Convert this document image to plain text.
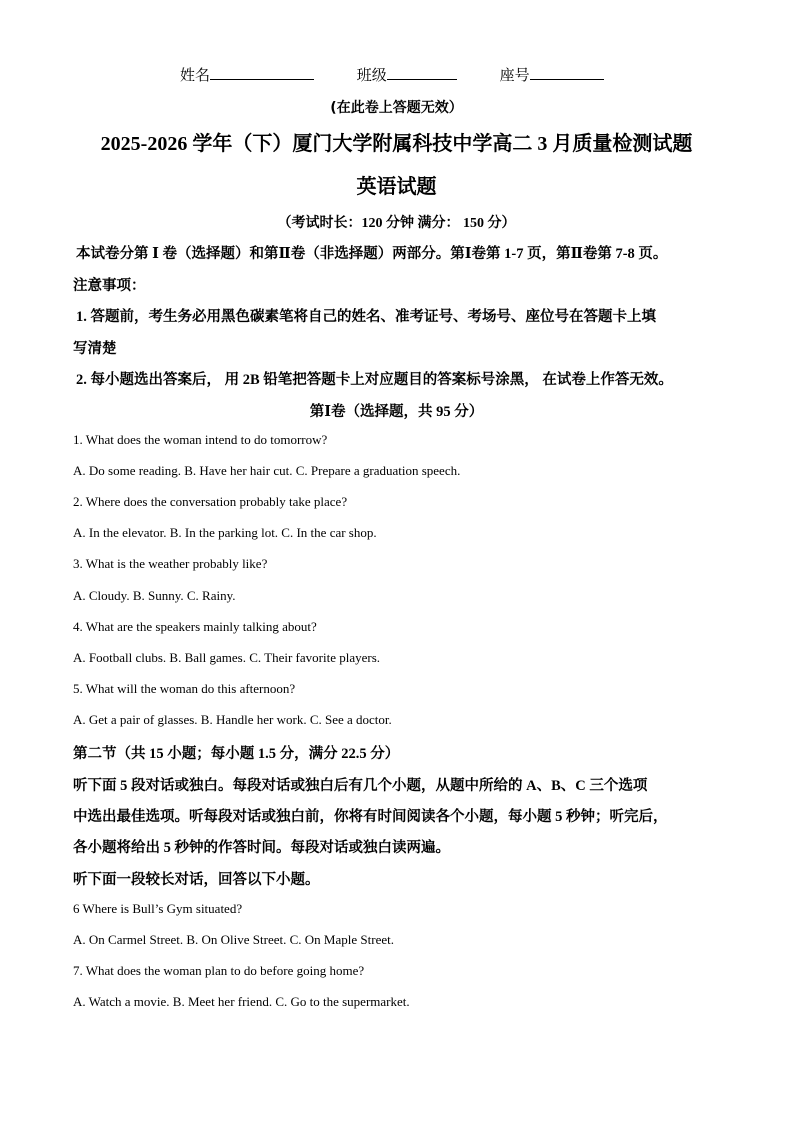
姓名	班级	座号
(在此卷上答题无效）
2025-2026 学年（下）厦门大学附属科技中学高二 3 月质量检测试题
英语试题
（考试时长：120 分钟 满分： 150 分）
本试卷分第 Ⅰ 卷（选择题）和第Ⅱ卷（非选择题）两部分。第Ⅰ卷第 1-7 页，第Ⅱ卷第 7-8 页。
注意事项：
1. 答题前，考生务必用黑色碳素笔将自己的姓名、准考证号、考场号、座位号在答题卡上填
写清楚
2. 每小题选出答案后， 用 2B 铅笔把答题卡上对应题目的答案标号涂黑， 在试卷上作答无效。
第Ⅰ卷（选择题，共 95 分）
1. What does the woman intend to do tomorrow?
A. Do some reading. B. Have her hair cut. C. Prepare a graduation speech.
2. Where does the conversation probably take place?
A. In the elevator. B. In the parking lot. C. In the car shop.
3. What is the weather probably like?
A. Cloudy. B. Sunny. C. Rainy.
4. What are the speakers mainly talking about?
A. Football clubs. B. Ball games. C. Their favorite players.
5. What will the woman do this afternoon?
A. Get a pair of glasses. B. Handle her work. C. See a doctor.
第二节（共 15 小题；每小题 1.5 分，满分 22.5 分）
听下面 5 段对话或独白。每段对话或独白后有几个小题，从题中所给的 A、B、C 三个选项
中选出最佳选项。听每段对话或独白前，你将有时间阅读各个小题，每小题 5 秒钟；听完后，
各小题将给出 5 秒钟的作答时间。每段对话或独白读两遍。
听下面一段较长对话，回答以下小题。
6 Where is Bull’s Gym situated?
A. On Carmel Street. B. On Olive Street. C. On Maple Street.
7. What does the woman plan to do before going home?
A. Watch a movie. B. Meet her friend. C. Go to the supermarket.
